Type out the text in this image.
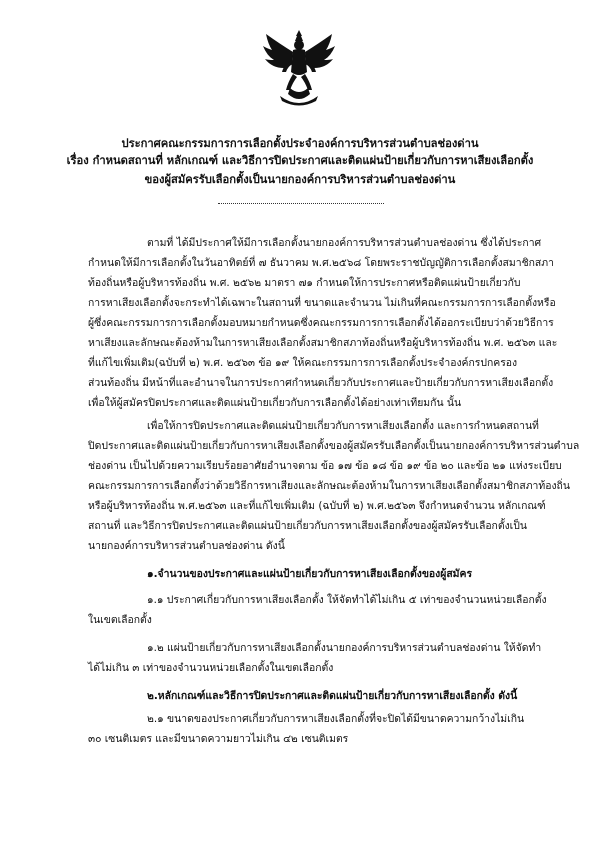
ประกาศคณะกรรมการการเลือกตั้งประจำองค์การบริหารส่วนตำบลช่องด่าน
เรื่อง กำหนดสถานที่ หลักเกณฑ์ และวิธีการปิดประกาศและติดแผ่นป้ายเกี่ยวกับการหาเสียงเลือกตั้ง
ของผู้สมัครรับเลือกตั้งเป็นนายกองค์การบริหารส่วนตำบลช่องด่าน
ตามที่ ได้มีประกาศให้มีการเลือกตั้งนายกองค์การบริหารส่วนตำบลช่องด่าน ซึ่งได้ประกาศ
กำหนดให้มีการเลือกตั้งในวันอาทิตย์ที่ ๗ ธันวาคม พ.ศ.๒๕๖๘ โดยพระราชบัญญัติการเลือกตั้งสมาชิกสภา
ท้องถิ่นหรือผู้บริหารท้องถิ่น พ.ศ. ๒๕๖๒ มาตรา ๗๑ กำหนดให้การประกาศหรือติดแผ่นป้ายเกี่ยวกับ
การหาเสียงเลือกตั้งจะกระทำได้เฉพาะในสถานที่ ขนาดและจำนวน ไม่เกินที่คณะกรรมการการเลือกตั้งหรือ
ผู้ซึ่งคณะกรรมการการเลือกตั้งมอบหมายกำหนดซึ่งคณะกรรมการการเลือกตั้งได้ออกระเบียบว่าด้วยวิธีการ
หาเสียงและลักษณะต้องห้ามในการหาเสียงเลือกตั้งสมาชิกสภาท้องถิ่นหรือผู้บริหารท้องถิ่น พ.ศ. ๒๕๖๓ และ
ที่แก้ไขเพิ่มเติม(ฉบับที่ ๒) พ.ศ. ๒๕๖๓ ข้อ ๑๙ ให้คณะกรรมการการเลือกตั้งประจำองค์กรปกครอง
ส่วนท้องถิ่น มีหน้าที่และอำนาจในการประกาศกำหนดเกี่ยวกับประกาศและป้ายเกี่ยวกับการหาเสียงเลือกตั้ง
เพื่อให้ผู้สมัครปิดประกาศและติดแผ่นป้ายเกี่ยวกับการเลือกตั้งได้อย่างเท่าเทียมกัน นั้น
เพื่อให้การปิดประกาศและติดแผ่นป้ายเกี่ยวกับการหาเสียงเลือกตั้ง และการกำหนดสถานที่
ปิดประกาศและติดแผ่นป้ายเกี่ยวกับการหาเสียงเลือกตั้งของผู้สมัครรับเลือกตั้งเป็นนายกองค์การบริหารส่วนตำบล
ช่องด่าน เป็นไปด้วยความเรียบร้อยอาศัยอำนาจตาม ข้อ ๑๗ ข้อ ๑๘ ข้อ ๑๙ ข้อ ๒๐ และข้อ ๒๑ แห่งระเบียบ
คณะกรรมการการเลือกตั้งว่าด้วยวิธีการหาเสียงและลักษณะต้องห้ามในการหาเสียงเลือกตั้งสมาชิกสภาท้องถิ่น
หรือผู้บริหารท้องถิ่น พ.ศ.๒๕๖๓ และที่แก้ไขเพิ่มเติม (ฉบับที่ ๒) พ.ศ.๒๕๖๓ จึงกำหนดจำนวน หลักเกณฑ์
สถานที่ และวิธีการปิดประกาศและติดแผ่นป้ายเกี่ยวกับการหาเสียงเลือกตั้งของผู้สมัครรับเลือกตั้งเป็น
นายกองค์การบริหารส่วนตำบลช่องด่าน ดังนี้
๑.จำนวนของประกาศและแผ่นป้ายเกี่ยวกับการหาเสียงเลือกตั้งของผู้สมัคร
๑.๑ ประกาศเกี่ยวกับการหาเสียงเลือกตั้ง ให้จัดทำได้ไม่เกิน ๕ เท่าของจำนวนหน่วยเลือกตั้ง
ในเขตเลือกตั้ง
๑.๒ แผ่นป้ายเกี่ยวกับการหาเสียงเลือกตั้งนายกองค์การบริหารส่วนตำบลช่องด่าน ให้จัดทำ
ได้ไม่เกิน ๓ เท่าของจำนวนหน่วยเลือกตั้งในเขตเลือกตั้ง
๒.หลักเกณฑ์และวิธีการปิดประกาศและติดแผ่นป้ายเกี่ยวกับการหาเสียงเลือกตั้ง ดังนี้
๒.๑ ขนาดของประกาศเกี่ยวกับการหาเสียงเลือกตั้งที่จะปิดได้มีขนาดความกว้างไม่เกิน
๓๐ เซนติเมตร และมีขนาดความยาวไม่เกิน ๔๒ เซนติเมตร
